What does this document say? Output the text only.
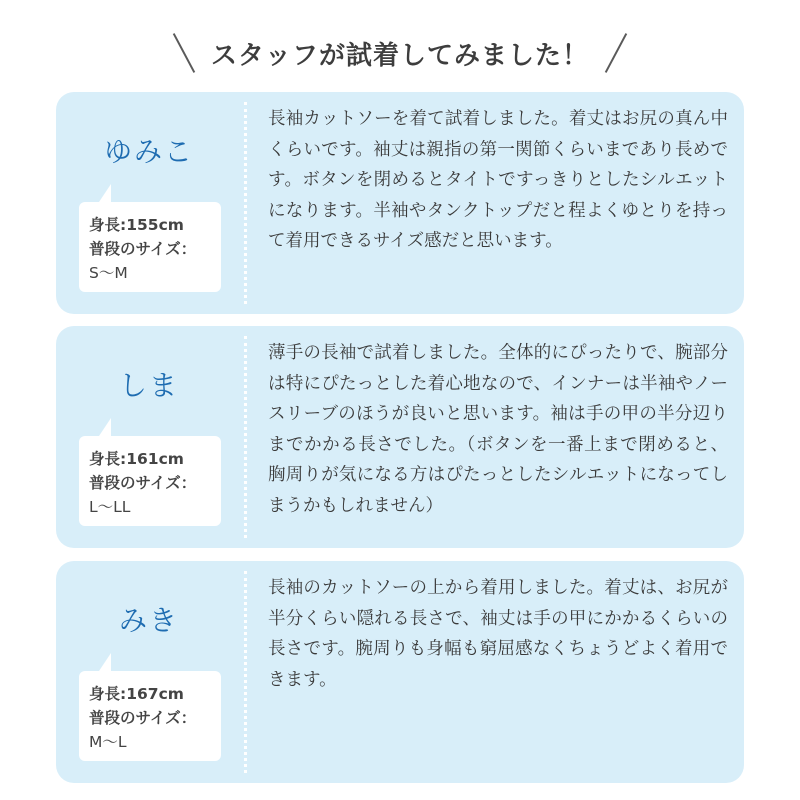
スタッフが試着してみました！
ゆみこ
身長:155cm
普段のサイズ：
S〜M
長袖カットソーを着て試着しました。着丈はお尻の真ん中くらいです。袖丈は親指の第一関節くらいまであり長めです。ボタンを閉めるとタイトですっきりとしたシルエットになります。半袖やタンクトップだと程よくゆとりを持って着用できるサイズ感だと思います。
しま
身長:161cm
普段のサイズ：
L〜LL
薄手の長袖で試着しました。全体的にぴったりで、腕部分は特にぴたっとした着心地なので、インナーは半袖やノースリーブのほうが良いと思います。袖は手の甲の半分辺りまでかかる長さでした。（ボタンを一番上まで閉めると、胸周りが気になる方はぴたっとしたシルエットになってしまうかもしれません）
みき
身長:167cm
普段のサイズ：
M〜L
長袖のカットソーの上から着用しました。着丈は、お尻が半分くらい隠れる長さで、袖丈は手の甲にかかるくらいの長さです。腕周りも身幅も窮屈感なくちょうどよく着用できます。
